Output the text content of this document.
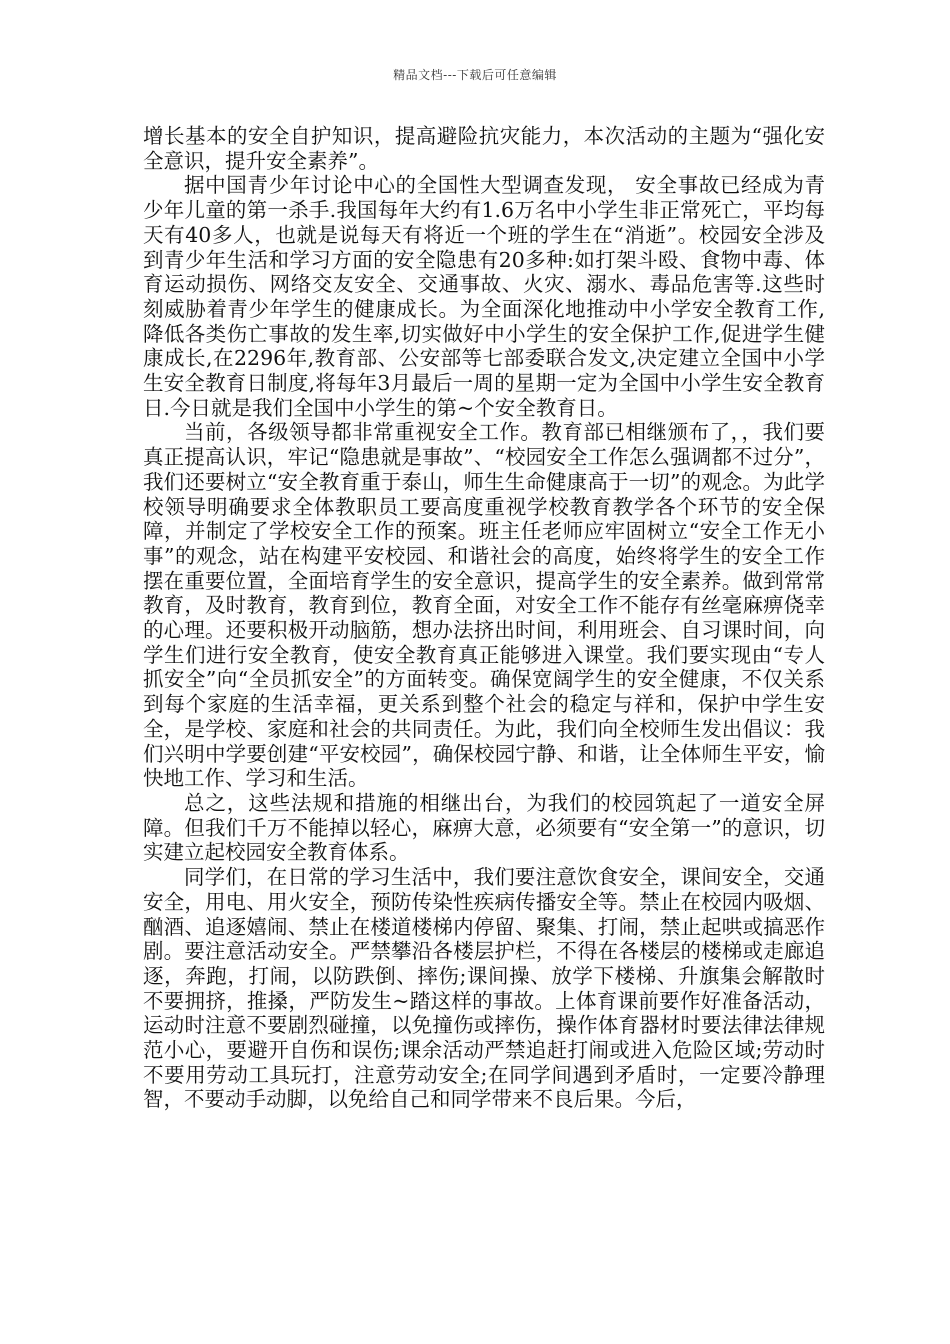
精品文档---下载后可任意编辑

增长基本的安全自护知识，提高避险抗灾能力，本次活动的主题为“强化安全意识，提升安全素养”。

据中国青少年讨论中心的全国性大型调查发现， 安全事故已经成为青少年儿童的第一杀手.我国每年大约有1.6万名中小学生非正常死亡，平均每天有40多人，也就是说每天有将近一个班的学生在“消逝”。校园安全涉及到青少年生活和学习方面的安全隐患有20多种:如打架斗殴、食物中毒、体育运动损伤、网络交友安全、交通事故、火灾、溺水、毒品危害等.这些时刻威胁着青少年学生的健康成长。为全面深化地推动中小学安全教育工作,降低各类伤亡事故的发生率,切实做好中小学生的安全保护工作,促进学生健康成长,在2296年,教育部、公安部等七部委联合发文,决定建立全国中小学生安全教育日制度,将每年3月最后一周的星期一定为全国中小学生安全教育日.今日就是我们全国中小学生的第~个安全教育日。

当前，各级领导都非常重视安全工作。教育部已相继颁布了，，我们要真正提高认识，牢记“隐患就是事故”、“校园安全工作怎么强调都不过分”，我们还要树立“安全教育重于泰山，师生生命健康高于一切”的观念。为此学校领导明确要求全体教职员工要高度重视学校教育教学各个环节的安全保障，并制定了学校安全工作的预案。班主任老师应牢固树立“安全工作无小事”的观念，站在构建平安校园、和谐社会的高度，始终将学生的安全工作摆在重要位置，全面培育学生的安全意识，提高学生的安全素养。做到常常教育，及时教育，教育到位，教育全面，对安全工作不能存有丝毫麻痹侥幸的心理。还要积极开动脑筋，想办法挤出时间，利用班会、自习课时间，向学生们进行安全教育，使安全教育真正能够进入课堂。我们要实现由“专人抓安全”向“全员抓安全”的方面转变。确保宽阔学生的安全健康，不仅关系到每个家庭的生活幸福，更关系到整个社会的稳定与祥和，保护中学生安全，是学校、家庭和社会的共同责任。为此，我们向全校师生发出倡议：我们兴明中学要创建“平安校园”，确保校园宁静、和谐，让全体师生平安，愉快地工作、学习和生活。

总之，这些法规和措施的相继出台，为我们的校园筑起了一道安全屏障。但我们千万不能掉以轻心，麻痹大意，必须要有“安全第一”的意识，切实建立起校园安全教育体系。

同学们，在日常的学习生活中，我们要注意饮食安全，课间安全，交通安全，用电、用火安全，预防传染性疾病传播安全等。禁止在校园内吸烟、酗酒、追逐嬉闹、禁止在楼道楼梯内停留、聚集、打闹，禁止起哄或搞恶作剧。要注意活动安全。严禁攀沿各楼层护栏，不得在各楼层的楼梯或走廊追逐，奔跑，打闹，以防跌倒、摔伤;课间操、放学下楼梯、升旗集会解散时不要拥挤，推搡，严防发生~踏这样的事故。上体育课前要作好准备活动，运动时注意不要剧烈碰撞，以免撞伤或摔伤，操作体育器材时要法律法律规范小心，要避开自伤和误伤;课余活动严禁追赶打闹或进入危险区域;劳动时不要用劳动工具玩打，注意劳动安全;在同学间遇到矛盾时，一定要冷静理智，不要动手动脚，以免给自己和同学带来不良后果。今后，
